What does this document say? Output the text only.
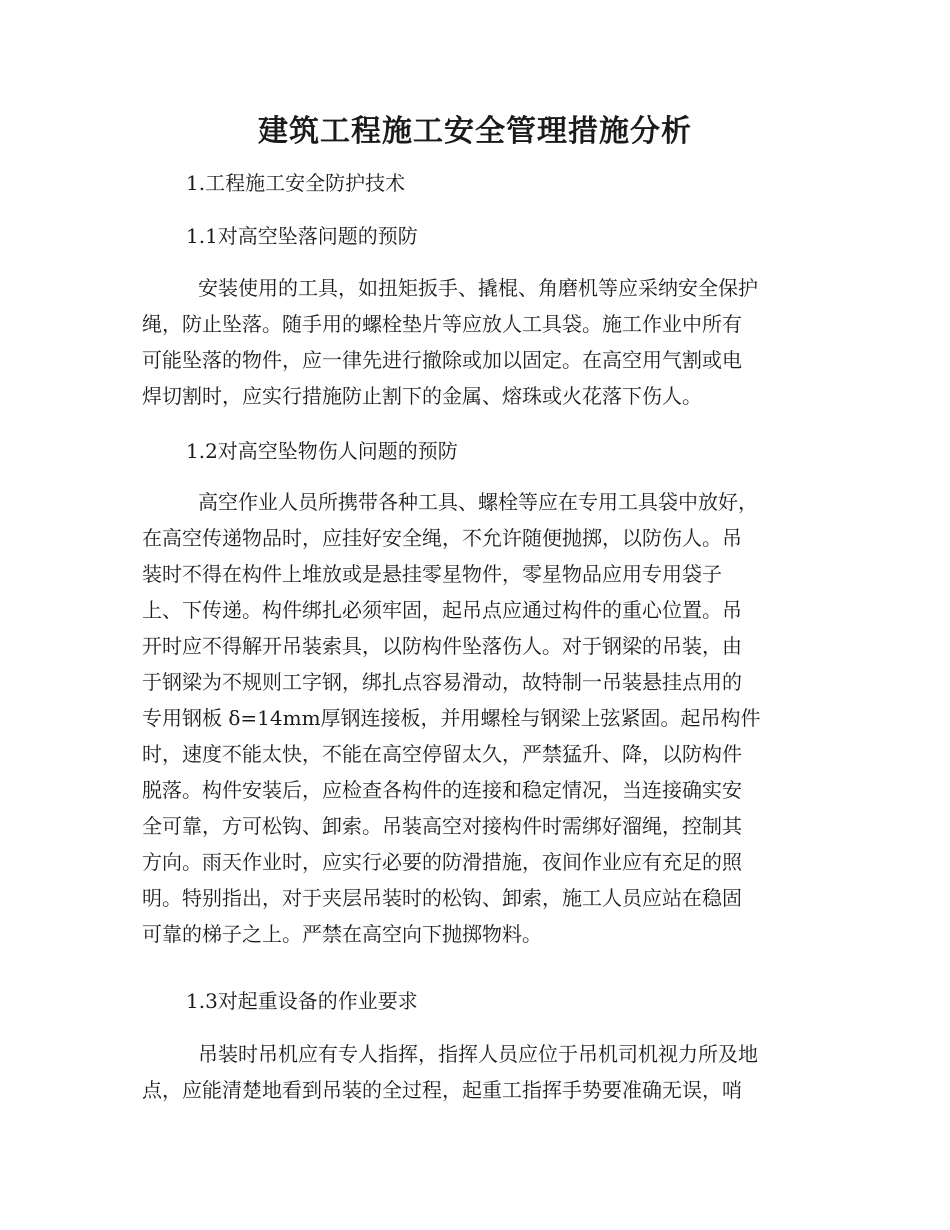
建筑工程施工安全管理措施分析

1.工程施工安全防护技术

1.1对高空坠落问题的预防

安装使用的工具，如扭矩扳手、撬棍、角磨机等应采纳安全保护
绳，防止坠落。随手用的螺栓垫片等应放人工具袋。施工作业中所有
可能坠落的物件，应一律先进行撤除或加以固定。在高空用气割或电
焊切割时，应实行措施防止割下的金属、熔珠或火花落下伤人。

1.2对高空坠物伤人问题的预防

高空作业人员所携带各种工具、螺栓等应在专用工具袋中放好，
在高空传递物品时，应挂好安全绳，不允许随便抛掷，以防伤人。吊
装时不得在构件上堆放或是悬挂零星物件，零星物品应用专用袋子
上、下传递。构件绑扎必须牢固，起吊点应通过构件的重心位置。吊
开时应不得解开吊装索具，以防构件坠落伤人。对于钢梁的吊装，由
于钢梁为不规则工字钢，绑扎点容易滑动，故特制一吊装悬挂点用的
专用钢板 δ=14mm厚钢连接板，并用螺栓与钢梁上弦紧固。起吊构件
时，速度不能太快，不能在高空停留太久，严禁猛升、降，以防构件
脱落。构件安装后，应检查各构件的连接和稳定情况，当连接确实安
全可靠，方可松钩、卸索。吊装高空对接构件时需绑好溜绳，控制其
方向。雨天作业时，应实行必要的防滑措施，夜间作业应有充足的照
明。特别指出，对于夹层吊装时的松钩、卸索，施工人员应站在稳固
可靠的梯子之上。严禁在高空向下抛掷物料。

1.3对起重设备的作业要求

吊装时吊机应有专人指挥，指挥人员应位于吊机司机视力所及地
点，应能清楚地看到吊装的全过程，起重工指挥手势要准确无误，哨
